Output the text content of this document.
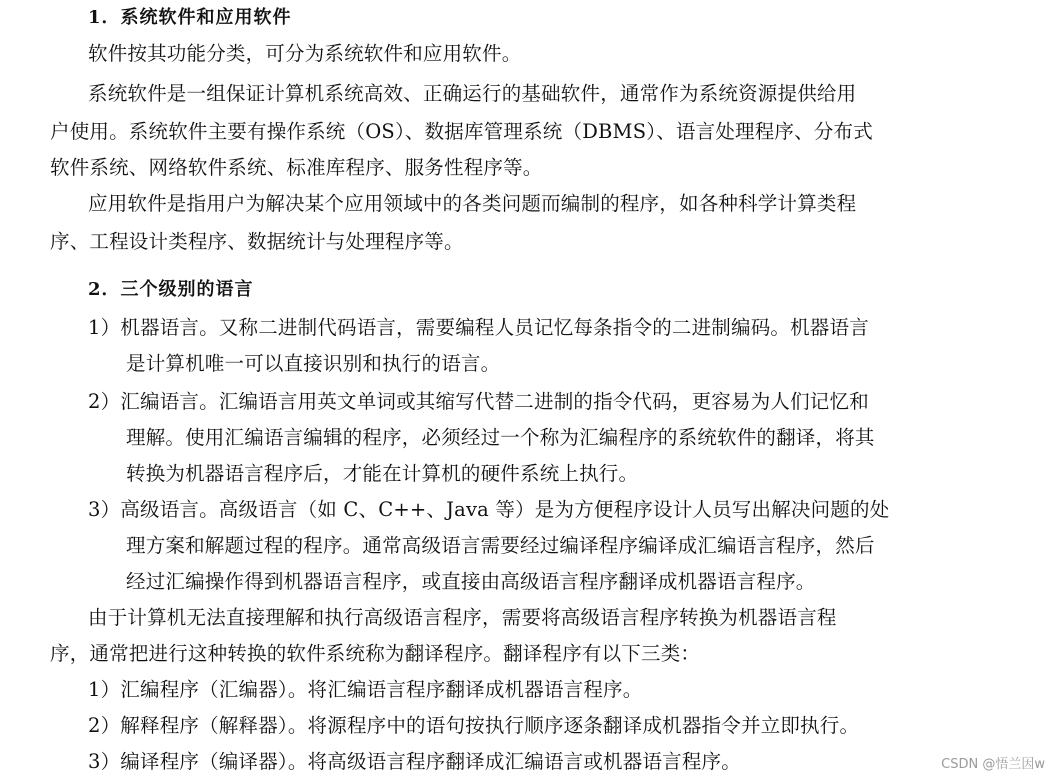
1．系统软件和应用软件
软件按其功能分类，可分为系统软件和应用软件。
系统软件是一组保证计算机系统高效、正确运行的基础软件，通常作为系统资源提供给用
户使用。系统软件主要有操作系统（OS）、数据库管理系统（DBMS）、语言处理程序、分布式
软件系统、网络软件系统、标准库程序、服务性程序等。
应用软件是指用户为解决某个应用领域中的各类问题而编制的程序，如各种科学计算类程
序、工程设计类程序、数据统计与处理程序等。
2．三个级别的语言
1）机器语言。又称二进制代码语言，需要编程人员记忆每条指令的二进制编码。机器语言
是计算机唯一可以直接识别和执行的语言。
2）汇编语言。汇编语言用英文单词或其缩写代替二进制的指令代码，更容易为人们记忆和
理解。使用汇编语言编辑的程序，必须经过一个称为汇编程序的系统软件的翻译，将其
转换为机器语言程序后，才能在计算机的硬件系统上执行。
3）高级语言。高级语言（如 C、C++、Java 等）是为方便程序设计人员写出解决问题的处
理方案和解题过程的程序。通常高级语言需要经过编译程序编译成汇编语言程序，然后
经过汇编操作得到机器语言程序，或直接由高级语言程序翻译成机器语言程序。
由于计算机无法直接理解和执行高级语言程序，需要将高级语言程序转换为机器语言程
序，通常把进行这种转换的软件系统称为翻译程序。翻译程序有以下三类：
1）汇编程序（汇编器）。将汇编语言程序翻译成机器语言程序。
2）解释程序（解释器）。将源程序中的语句按执行顺序逐条翻译成机器指令并立即执行。
3）编译程序（编译器）。将高级语言程序翻译成汇编语言或机器语言程序。	CSDN @悟兰因w
